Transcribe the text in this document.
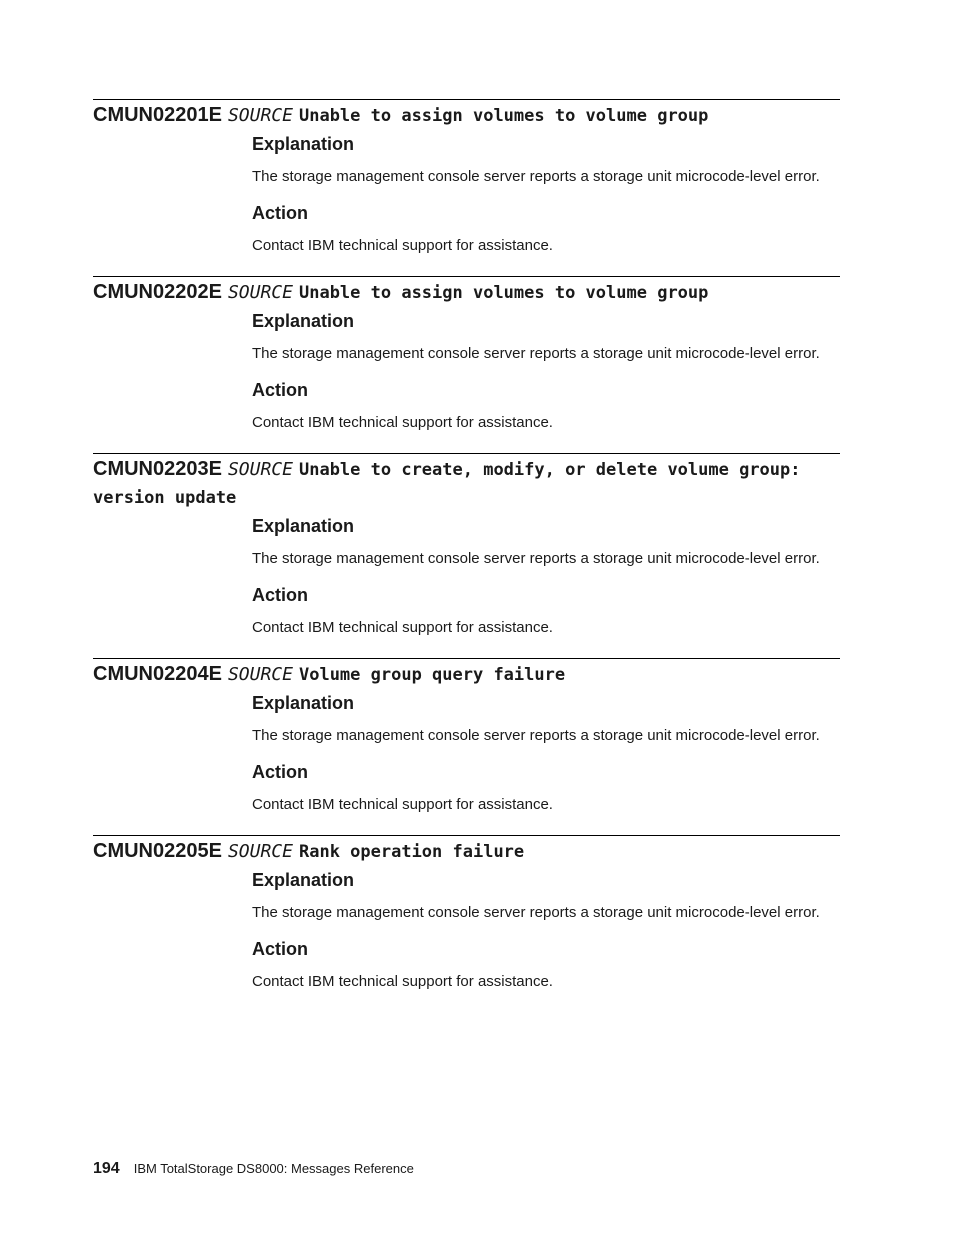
CMUN02201E SOURCE Unable to assign volumes to volume group
Explanation

The storage management console server reports a storage unit microcode-level error.

Action

Contact IBM technical support for assistance.

CMUN02202E SOURCE Unable to assign volumes to volume group
Explanation

The storage management console server reports a storage unit microcode-level error.

Action

Contact IBM technical support for assistance.

CMUN02203E SOURCE Unable to create, modify, or delete volume group: version update
Explanation

The storage management console server reports a storage unit microcode-level error.

Action

Contact IBM technical support for assistance.

CMUN02204E SOURCE Volume group query failure
Explanation

The storage management console server reports a storage unit microcode-level error.

Action

Contact IBM technical support for assistance.

CMUN02205E SOURCE Rank operation failure
Explanation

The storage management console server reports a storage unit microcode-level error.

Action

Contact IBM technical support for assistance.

194 IBM TotalStorage DS8000: Messages Reference
